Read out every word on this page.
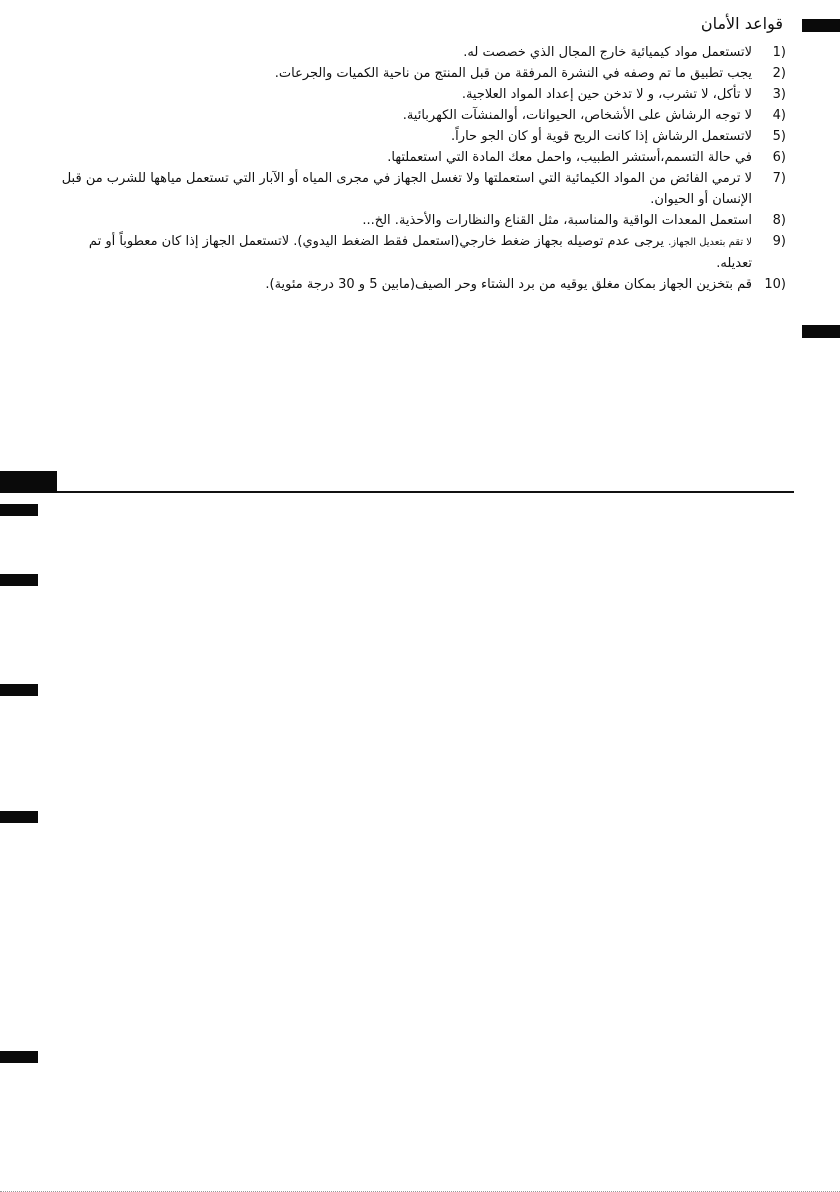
قواعد الأمان
1)
لاتستعمل مواد كيميائية خارج المجال الذي خصصت له.
2)
يجب تطبيق ما تم وصفه في النشرة المرفقة من قبل المنتج من ناحية الكميات والجرعات.
3)
لا تأكل، لا تشرب، و لا تدخن حين إعداد المواد العلاجية.
4)
لا توجه الرشاش على الأشخاص، الحيوانات، أوالمنشآت الكهربائية.
5)
لاتستعمل الرشاش إذا كانت الريح قوية أو كان الجو حاراً.
6)
في حالة التسمم،أستشر الطبيب، واحمل معك المادة التي استعملتها.
7)
لا ترمي الفائض من المواد الكيمائية التي استعملتها ولا تغسل الجهاز في مجرى المياه أو الآبار التي تستعمل مياهها للشرب من قبل الإنسان أو الحيوان.
8)
استعمل المعدات الواقية والمناسبة، مثل القناع والنظارات والأحذية. الخ...
9)
لا تقم بتعديل الجهاز. يرجى عدم توصيله بجهاز ضغط خارجي(استعمل فقط الضغط اليدوي). لاتستعمل الجهاز إذا كان معطوباً أو تم تعديله.
10)
قم بتخزين الجهاز بمكان مغلق يوقيه من برد الشتاء وحر الصيف(مابين 5 و 30 درجة مئوية).
